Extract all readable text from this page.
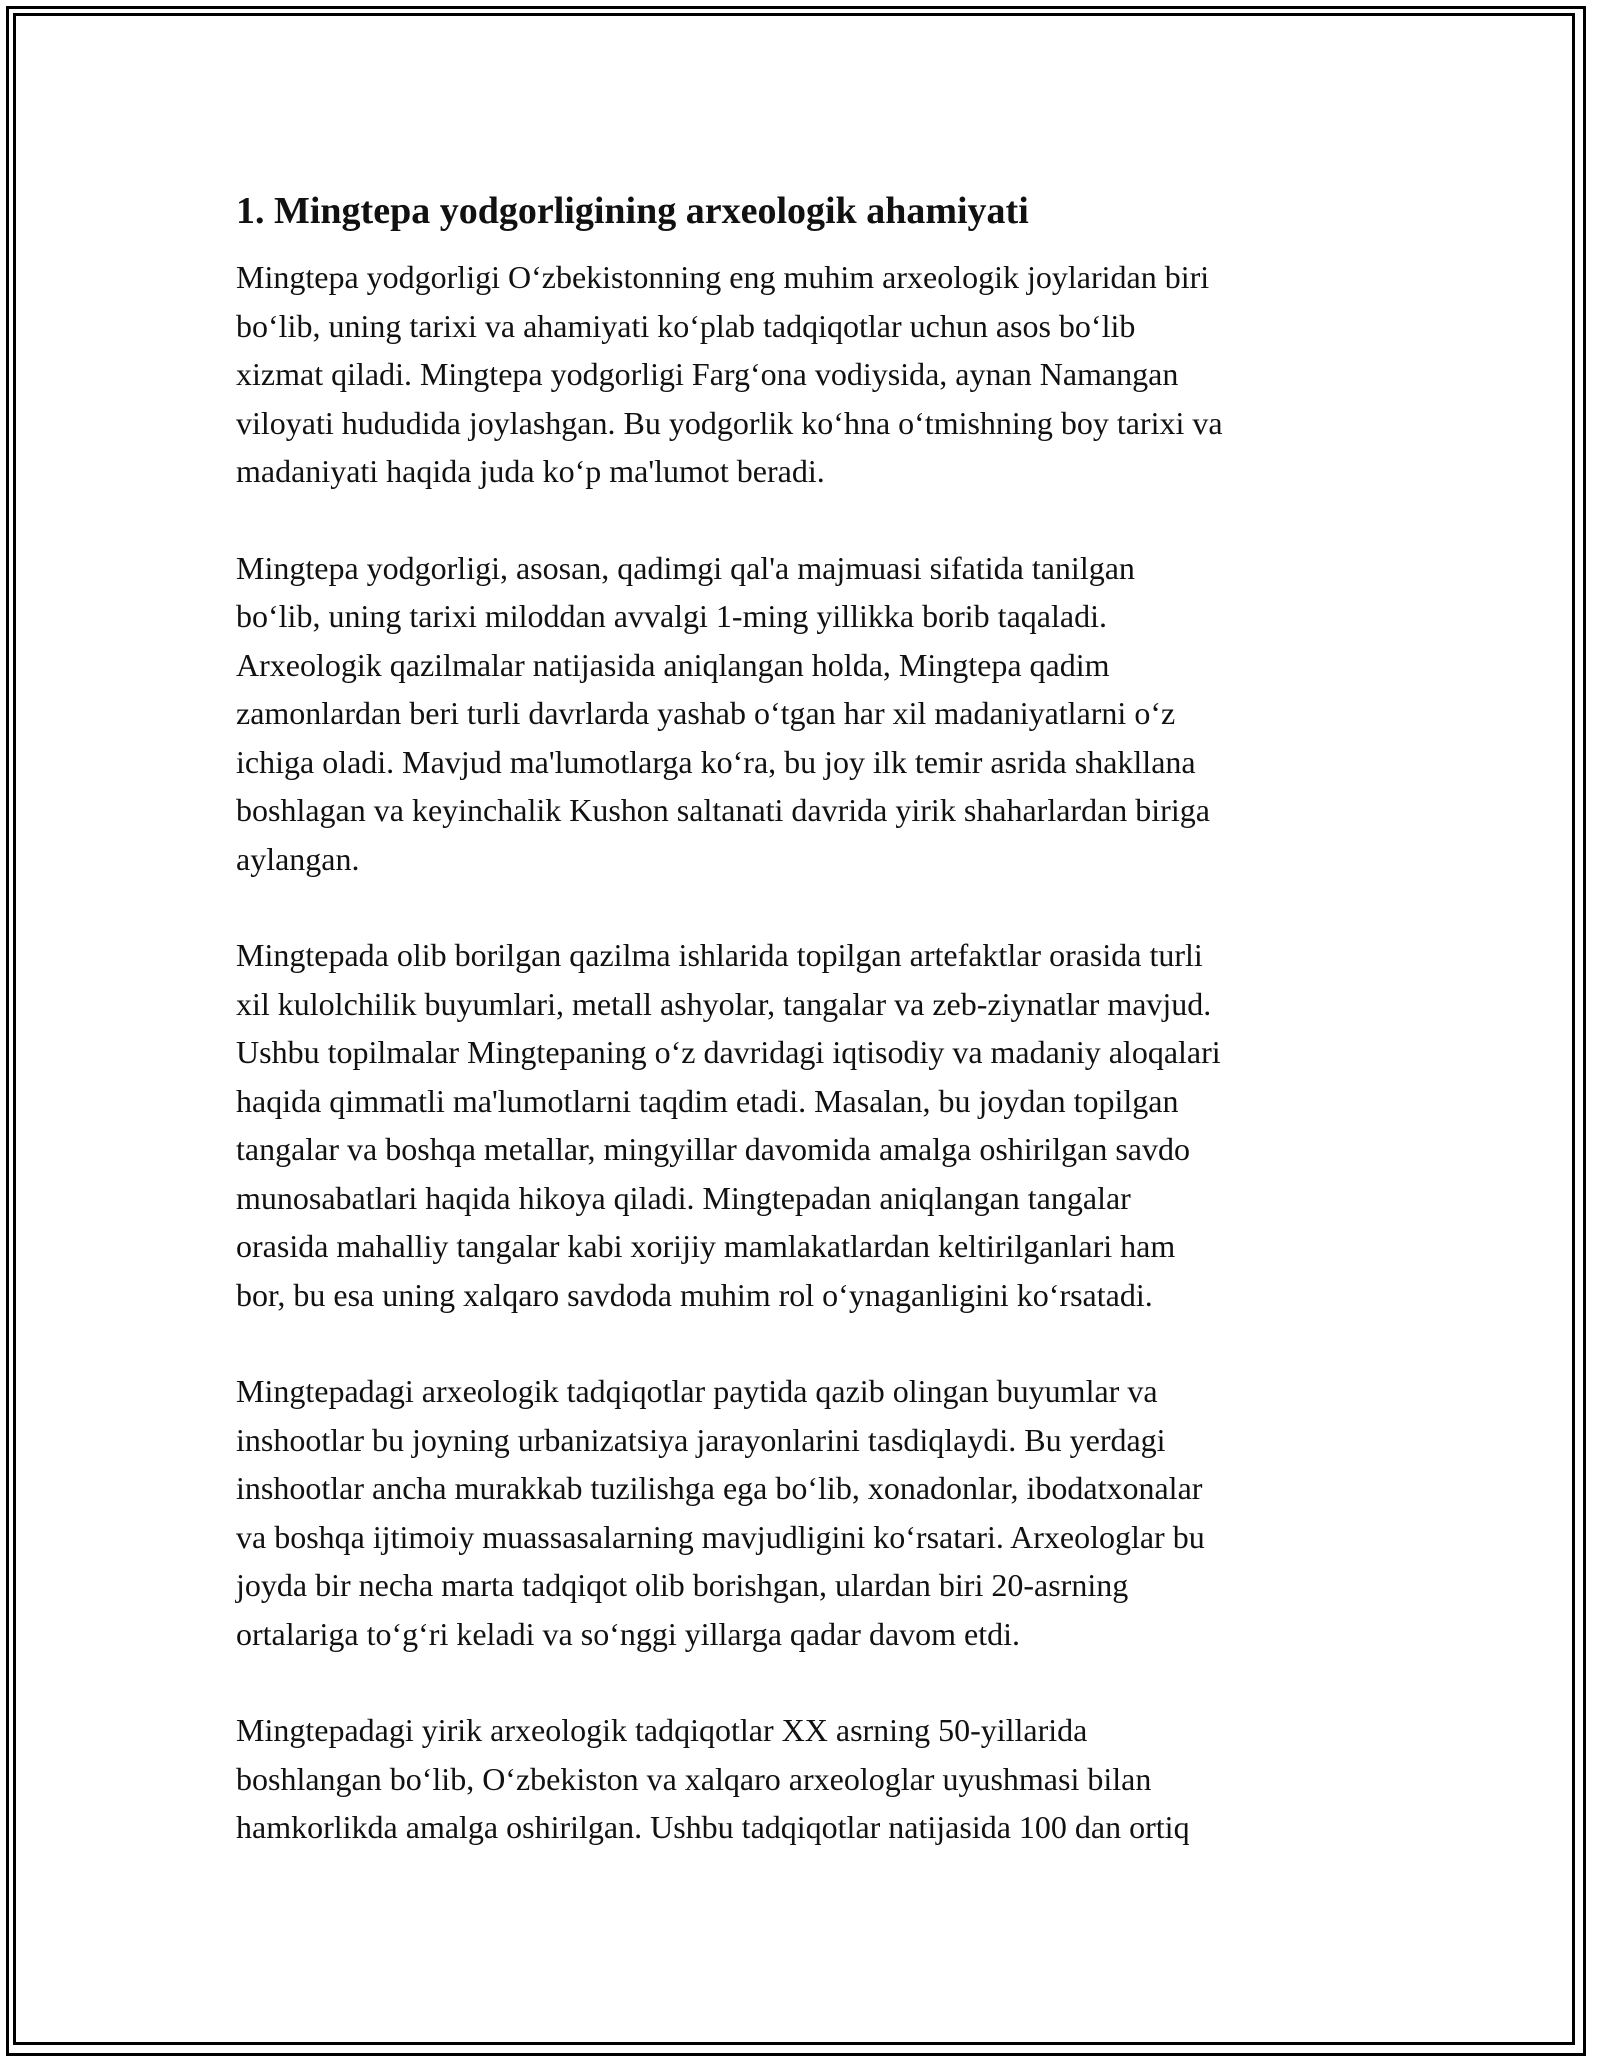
1. Mingtepa yodgorligining arxeologik ahamiyati
Mingtepa yodgorligi O‘zbekistonning eng muhim arxeologik joylaridan biri
bo‘lib, uning tarixi va ahamiyati ko‘plab tadqiqotlar uchun asos bo‘lib
xizmat qiladi. Mingtepa yodgorligi Farg‘ona vodiysida, aynan Namangan
viloyati hududida joylashgan. Bu yodgorlik ko‘hna o‘tmishning boy tarixi va
madaniyati haqida juda ko‘p ma'lumot beradi.
Mingtepa yodgorligi, asosan, qadimgi qal'a majmuasi sifatida tanilgan
bo‘lib, uning tarixi miloddan avvalgi 1-ming yillikka borib taqaladi.
Arxeologik qazilmalar natijasida aniqlangan holda, Mingtepa qadim
zamonlardan beri turli davrlarda yashab o‘tgan har xil madaniyatlarni o‘z
ichiga oladi. Mavjud ma'lumotlarga ko‘ra, bu joy ilk temir asrida shakllana
boshlagan va keyinchalik Kushon saltanati davrida yirik shaharlardan biriga
aylangan.
Mingtepada olib borilgan qazilma ishlarida topilgan artefaktlar orasida turli
xil kulolchilik buyumlari, metall ashyolar, tangalar va zeb-ziynatlar mavjud.
Ushbu topilmalar Mingtepaning o‘z davridagi iqtisodiy va madaniy aloqalari
haqida qimmatli ma'lumotlarni taqdim etadi. Masalan, bu joydan topilgan
tangalar va boshqa metallar, mingyillar davomida amalga oshirilgan savdo
munosabatlari haqida hikoya qiladi. Mingtepadan aniqlangan tangalar
orasida mahalliy tangalar kabi xorijiy mamlakatlardan keltirilganlari ham
bor, bu esa uning xalqaro savdoda muhim rol o‘ynaganligini ko‘rsatadi.
Mingtepadagi arxeologik tadqiqotlar paytida qazib olingan buyumlar va
inshootlar bu joyning urbanizatsiya jarayonlarini tasdiqlaydi. Bu yerdagi
inshootlar ancha murakkab tuzilishga ega bo‘lib, xonadonlar, ibodatxonalar
va boshqa ijtimoiy muassasalarning mavjudligini ko‘rsatari. Arxeologlar bu
joyda bir necha marta tadqiqot olib borishgan, ulardan biri 20-asrning
ortalariga to‘g‘ri keladi va so‘nggi yillarga qadar davom etdi.
Mingtepadagi yirik arxeologik tadqiqotlar XX asrning 50-yillarida
boshlangan bo‘lib, O‘zbekiston va xalqaro arxeologlar uyushmasi bilan
hamkorlikda amalga oshirilgan. Ushbu tadqiqotlar natijasida 100 dan ortiq
